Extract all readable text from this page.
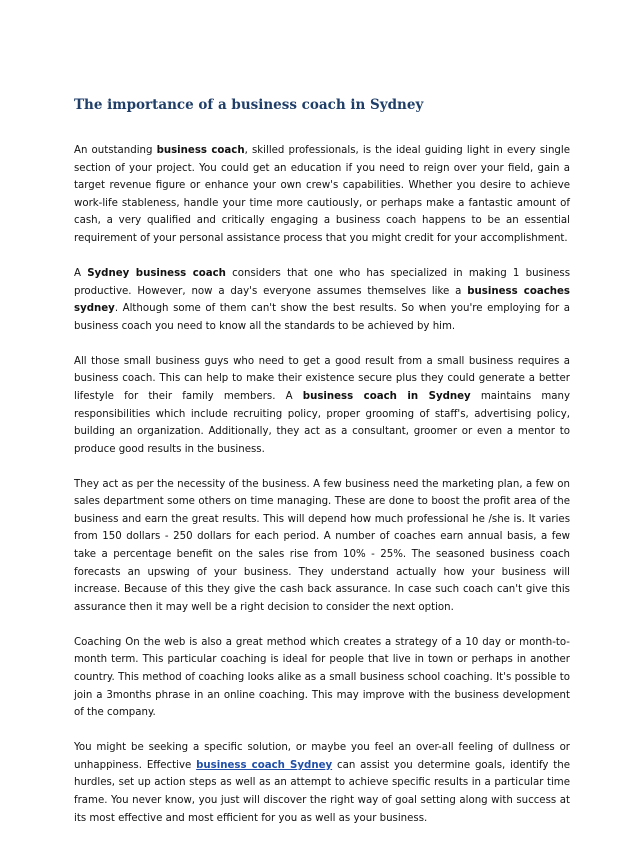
The importance of a business coach in Sydney

An outstanding business coach, skilled professionals, is the ideal guiding light in every single section of your project. You could get an education if you need to reign over your field, gain a target revenue figure or enhance your own crew's capabilities. Whether you desire to achieve work-life stableness, handle your time more cautiously, or perhaps make a fantastic amount of cash, a very qualified and critically engaging a business coach happens to be an essential requirement of your personal assistance process that you might credit for your accomplishment.

A Sydney business coach considers that one who has specialized in making 1 business productive. However, now a day's everyone assumes themselves like a business coaches sydney. Although some of them can't show the best results. So when you're employing for a business coach you need to know all the standards to be achieved by him.

All those small business guys who need to get a good result from a small business requires a business coach. This can help to make their existence secure plus they could generate a better lifestyle for their family members. A business coach in Sydney maintains many responsibilities which include recruiting policy, proper grooming of staff's, advertising policy, building an organization. Additionally, they act as a consultant, groomer or even a mentor to produce good results in the business.

They act as per the necessity of the business. A few business need the marketing plan, a few on sales department some others on time managing. These are done to boost the profit area of the business and earn the great results. This will depend how much professional he /she is. It varies from 150 dollars - 250 dollars for each period. A number of coaches earn annual basis, a few take a percentage benefit on the sales rise from 10% - 25%. The seasoned business coach forecasts an upswing of your business. They understand actually how your business will increase. Because of this they give the cash back assurance. In case such coach can't give this assurance then it may well be a right decision to consider the next option.

Coaching On the web is also a great method which creates a strategy of a 10 day or month-to-month term. This particular coaching is ideal for people that live in town or perhaps in another country. This method of coaching looks alike as a small business school coaching. It's possible to join a 3months phrase in an online coaching. This may improve with the business development of the company.

You might be seeking a specific solution, or maybe you feel an over-all feeling of dullness or unhappiness. Effective business coach Sydney can assist you determine goals, identify the hurdles, set up action steps as well as an attempt to achieve specific results in a particular time frame. You never know, you just will discover the right way of goal setting along with success at its most effective and most efficient for you as well as your business.
